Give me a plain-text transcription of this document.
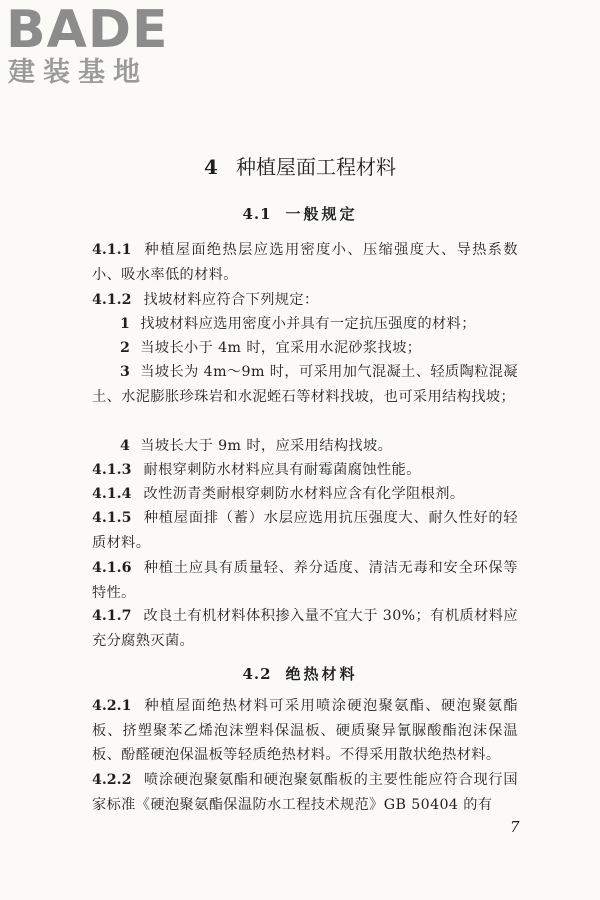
BADE

建装基地

4 种植屋面工程材料
4.1 一般规定

4.1.1 种植屋面绝热层应选用密度小、压缩强度大、导热系数小、吸水率低的材料。

4.1.2 找坡材料应符合下列规定：

1 找坡材料应选用密度小并具有一定抗压强度的材料；

2 当坡长小于 4m 时，宜采用水泥砂浆找坡；

3 当坡长为 4m～9m 时，可采用加气混凝土、轻质陶粒混凝土、水泥膨胀珍珠岩和水泥蛭石等材料找坡，也可采用结构找坡；

4 当坡长大于 9m 时，应采用结构找坡。

4.1.3 耐根穿刺防水材料应具有耐霉菌腐蚀性能。

4.1.4 改性沥青类耐根穿刺防水材料应含有化学阻根剂。

4.1.5 种植屋面排（蓄）水层应选用抗压强度大、耐久性好的轻质材料。

4.1.6 种植土应具有质量轻、养分适度、清洁无毒和安全环保等特性。

4.1.7 改良土有机材料体积掺入量不宜大于 30%；有机质材料应充分腐熟灭菌。

4.2 绝热材料

4.2.1 种植屋面绝热材料可采用喷涂硬泡聚氨酯、硬泡聚氨酯板、挤塑聚苯乙烯泡沫塑料保温板、硬质聚异氰脲酸酯泡沫保温板、酚醛硬泡保温板等轻质绝热材料。不得采用散状绝热材料。

4.2.2 喷涂硬泡聚氨酯和硬泡聚氨酯板的主要性能应符合现行国家标准《硬泡聚氨酯保温防水工程技术规范》GB 50404 的有

7
